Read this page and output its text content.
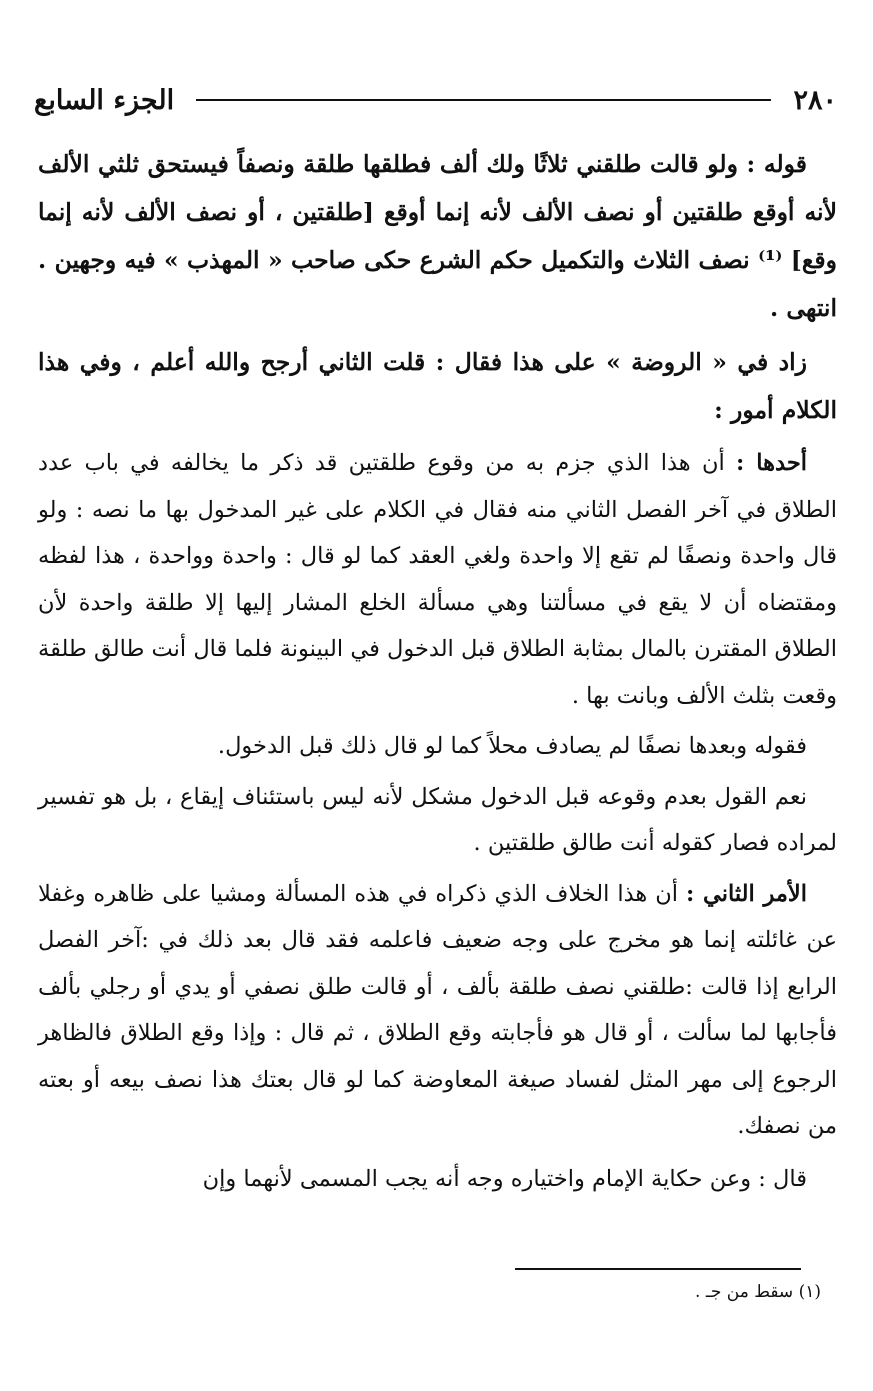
٢٨٠
الجزء السابع

قوله : ولو قالت طلقني ثلاثًا ولك ألف فطلقها طلقة ونصفاً فيستحق ثلثي الألف لأنه أوقع طلقتين أو نصف الألف لأنه إنما أوقع [طلقتين ، أو نصف الألف لأنه إنما وقع] ⁽¹⁾ نصف الثلاث والتكميل حكم الشرع حكى صاحب « المهذب » فيه وجهين . انتهى .

زاد في « الروضة » على هذا فقال : قلت الثاني أرجح والله أعلم ، وفي هذا الكلام أمور :

أحدها : أن هذا الذي جزم به من وقوع طلقتين قد ذكر ما يخالفه في باب عدد الطلاق في آخر الفصل الثاني منه فقال في الكلام على غير المدخول بها ما نصه : ولو قال واحدة ونصفًا لم تقع إلا واحدة ولغي العقد كما لو قال : واحدة وواحدة ، هذا لفظه ومقتضاه أن لا يقع في مسألتنا وهي مسألة الخلع المشار إليها إلا طلقة واحدة لأن الطلاق المقترن بالمال بمثابة الطلاق قبل الدخول في البينونة فلما قال أنت طالق طلقة وقعت بثلث الألف وبانت بها .

فقوله وبعدها نصفًا لم يصادف محلاً كما لو قال ذلك قبل الدخول.

نعم القول بعدم وقوعه قبل الدخول مشكل لأنه ليس باستئناف إيقاع ، بل هو تفسير لمراده فصار كقوله أنت طالق طلقتين .

الأمر الثاني : أن هذا الخلاف الذي ذكراه في هذه المسألة ومشيا على ظاهره وغفلا عن غائلته إنما هو مخرج على وجه ضعيف فاعلمه فقد قال بعد ذلك في :آخر الفصل الرابع إذا قالت :طلقني نصف طلقة بألف ، أو قالت طلق نصفي أو يدي أو رجلي بألف فأجابها لما سألت ، أو قال هو فأجابته وقع الطلاق ، ثم قال : وإذا وقع الطلاق فالظاهر الرجوع إلى مهر المثل لفساد صيغة المعاوضة كما لو قال بعتك هذا نصف بيعه أو بعته من نصفك.

قال : وعن حكاية الإمام واختياره وجه أنه يجب المسمى لأنهما وإن

(١) سقط من جـ .
